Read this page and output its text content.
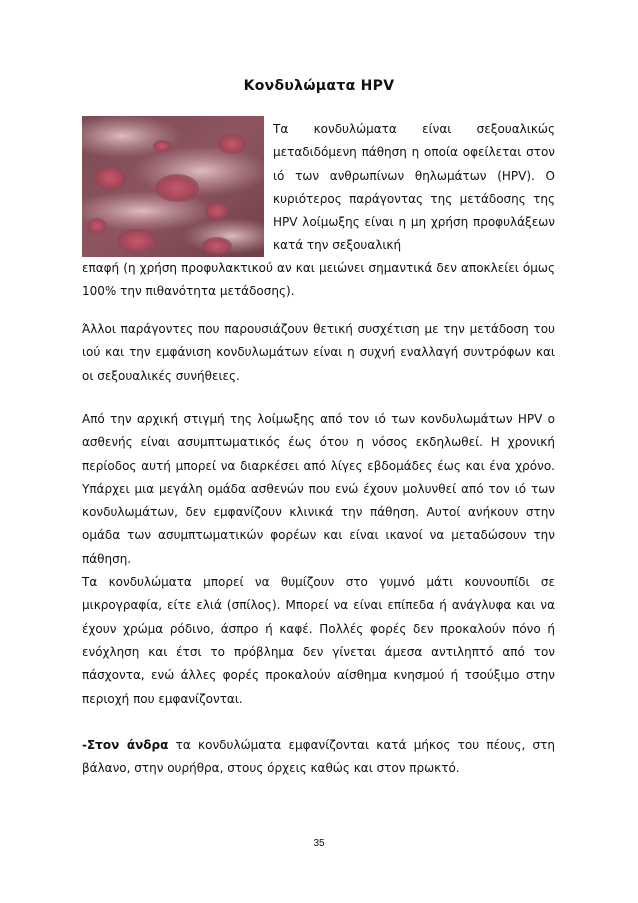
Κονδυλώματα HPV

Τα κονδυλώματα είναι σεξουαλικώς μεταδιδόμενη πάθηση η οποία οφείλεται στον ιό των ανθρωπίνων θηλωμάτων (HPV). Ο κυριότερος παράγοντας της μετάδοσης της HPV λοίμωξης είναι η μη χρήση προφυλάξεων κατά την σεξουαλική

επαφή (η χρήση προφυλακτικού αν και μειώνει σημαντικά δεν αποκλείει όμως 100% την πιθανότητα μετάδοσης).

Άλλοι παράγοντες που παρουσιάζουν θετική συσχέτιση με την μετάδοση του ιού και την εμφάνιση κονδυλωμάτων είναι η συχνή εναλλαγή συντρόφων και οι σεξουαλικές συνήθειες.

Από την αρχική στιγμή της λοίμωξης από τον ιό των κονδυλωμάτων HPV ο ασθενής είναι ασυμπτωματικός έως ότου η νόσος εκδηλωθεί. Η χρονική περίοδος αυτή μπορεί να διαρκέσει από λίγες εβδομάδες έως και ένα χρόνο. Υπάρχει μια μεγάλη ομάδα ασθενών που ενώ έχουν μολυνθεί από τον ιό των κονδυλωμάτων, δεν εμφανίζουν κλινικά την πάθηση. Αυτοί ανήκουν στην ομάδα των ασυμπτωματικών φορέων και είναι ικανοί να μεταδώσουν την πάθηση.
Τα κονδυλώματα μπορεί να θυμίζουν στο γυμνό μάτι κουνουπίδι σε μικρογραφία, είτε ελιά (σπίλος). Μπορεί να είναι επίπεδα ή ανάγλυφα και να έχουν χρώμα ρόδινο, άσπρο ή καφέ. Πολλές φορές δεν προκαλούν πόνο ή ενόχληση και έτσι το πρόβλημα δεν γίνεται άμεσα αντιληπτό από τον πάσχοντα, ενώ άλλες φορές προκαλούν αίσθημα κνησμού ή τσούξιμο στην περιοχή που εμφανίζονται.

-Στον άνδρα τα κονδυλώματα εμφανίζονται κατά μήκος του πέους, στη βάλανο, στην ουρήθρα, στους όρχεις καθώς και στον πρωκτό.

35
